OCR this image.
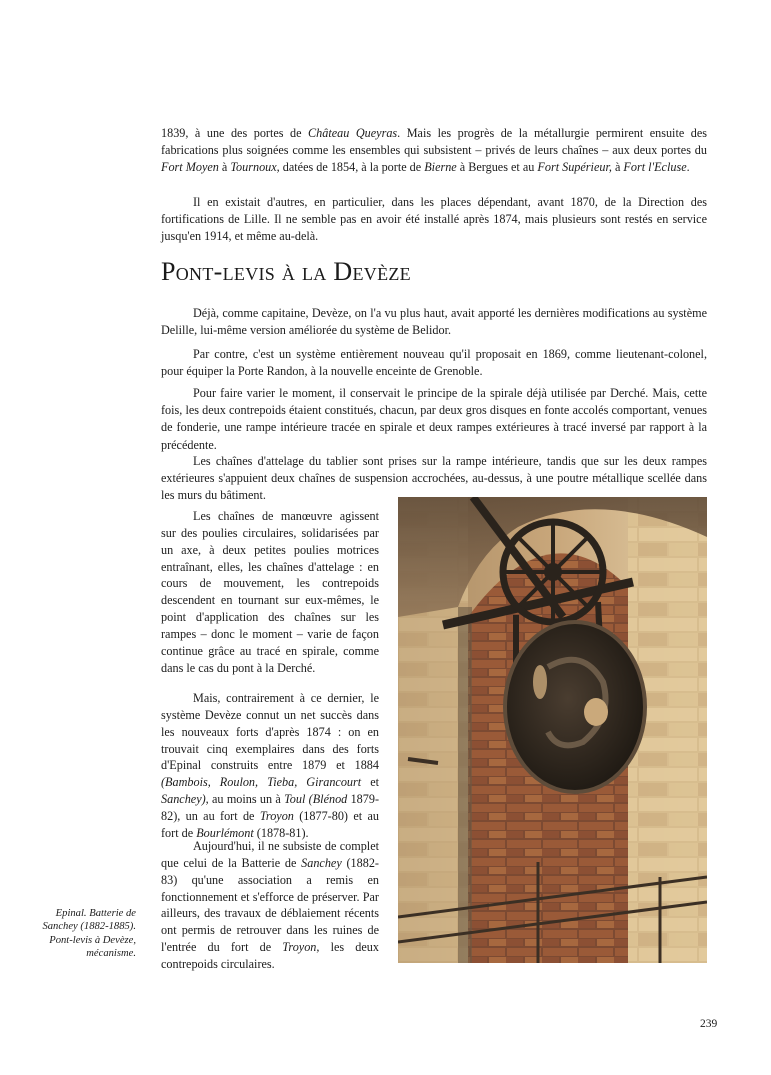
1839, à une des portes de Château Queyras. Mais les progrès de la métallurgie permirent ensuite des fabrications plus soignées comme les ensembles qui subsistent – privés de leurs chaînes – aux deux portes du Fort Moyen à Tournoux, datées de 1854, à la porte de Bierne à Bergues et au Fort Supérieur, à Fort l'Ecluse.

Il en existait d'autres, en particulier, dans les places dépendant, avant 1870, de la Direction des fortifications de Lille. Il ne semble pas en avoir été installé après 1874, mais plusieurs sont restés en service jusqu'en 1914, et même au-delà.

Pont-levis à la Devèze

Déjà, comme capitaine, Devèze, on l'a vu plus haut, avait apporté les dernières modifications au système Delille, lui-même version améliorée du système de Belidor.

Par contre, c'est un système entièrement nouveau qu'il proposait en 1869, comme lieutenant-colonel, pour équiper la Porte Randon, à la nouvelle enceinte de Grenoble.

Pour faire varier le moment, il conservait le principe de la spirale déjà utilisée par Derché. Mais, cette fois, les deux contrepoids étaient constitués, chacun, par deux gros disques en fonte accolés comportant, venues de fonderie, une rampe intérieure tracée en spirale et deux rampes extérieures à tracé inversé par rapport à la précédente.

Les chaînes d'attelage du tablier sont prises sur la rampe intérieure, tandis que sur les deux rampes extérieures s'appuient deux chaînes de suspension accrochées, au-dessus, à une poutre métallique scellée dans les murs du bâtiment.

Les chaînes de manœuvre agissent sur des poulies circulaires, solidarisées par un axe, à deux petites poulies motrices entraînant, elles, les chaînes d'attelage : en cours de mouvement, les contrepoids descendent en tournant sur eux-mêmes, le point d'application des chaînes sur les rampes – donc le moment – varie de façon continue grâce au tracé en spirale, comme dans le cas du pont à la Derché.

Mais, contrairement à ce dernier, le système Devèze connut un net succès dans les nouveaux forts d'après 1874 : on en trouvait cinq exemplaires dans des forts d'Epinal construits entre 1879 et 1884 (Bambois, Roulon, Tieba, Girancourt et Sanchey), au moins un à Toul (Blénod 1879-82), un au fort de Troyon (1877-80) et au fort de Bourlémont (1878-81).

Aujourd'hui, il ne subsiste de complet que celui de la Batterie de Sanchey (1882-83) qu'une association a remis en fonctionnement et s'efforce de préserver. Par ailleurs, des travaux de déblaiement récents ont permis de retrouver dans les ruines de l'entrée du fort de Troyon, les deux contrepoids circulaires.

Epinal. Batterie de Sanchey (1882-1885). Pont-levis à Devèze, mécanisme.

239
